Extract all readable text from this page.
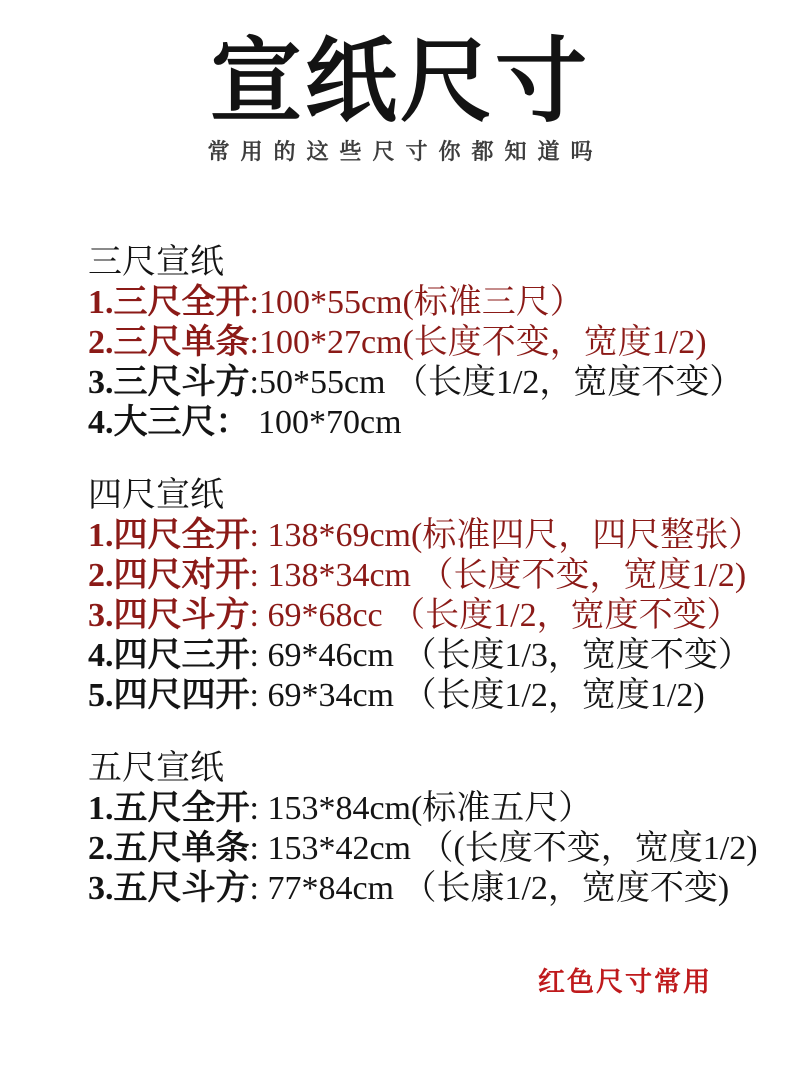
宣纸尺寸
常用的这些尺寸你都知道吗
三尺宣纸

1.三尺全开:100*55cm(标准三尺）

2.三尺单条:100*27cm(长度不变，宽度1/2)

3.三尺斗方:50*55cm （长度1/2，宽度不变）

4.大三尺： 100*70cm

四尺宣纸

1.四尺全开: 138*69cm(标准四尺，四尺整张）

2.四尺对开: 138*34cm （长度不变，宽度1/2)

3.四尺斗方: 69*68cc （长度1/2，宽度不变）

4.四尺三开: 69*46cm （长度1/3，宽度不变）

5.四尺四开: 69*34cm （长度1/2，宽度1/2)

五尺宣纸

1.五尺全开: 153*84cm(标准五尺）

2.五尺单条: 153*42cm （(长度不变，宽度1/2)

3.五尺斗方: 77*84cm （长康1/2，宽度不变)

红色尺寸常用
